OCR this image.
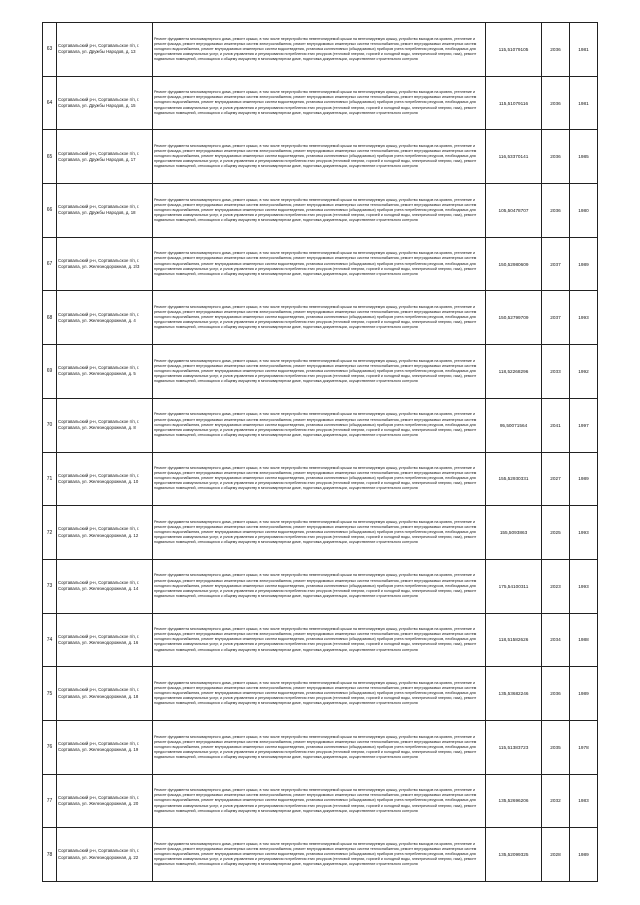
63	Сортавальский р-н, Сортавальское г/п, г. Сортавала, ул. Дружбы Народов, д. 13	Ремонт фундамента многоквартирного дома, ремонт крыши, в том числе переустройство невентилируемой крыши на вентилируемую крышу, устройство выходов на кровлю, утепление и ремонт фасада, ремонт внутридомовых инженерных систем электроснабжения, ремонт внутридомовых инженерных систем теплоснабжения, ремонт внутридомовых инженерных систем холодного водоснабжения, ремонт внутридомовых инженерных систем водоотведения, установка коллективных (общедомовых) приборов учета потребления ресурсов, необходимых для предоставления коммунальных услуг, и узлов управления и регулирования потребления этих ресурсов (тепловой энергии, горячей и холодной воды, электрической энергии, газа), ремонт подвальных помещений, относящихся к общему имуществу в многоквартирном доме, подготовка документации, осуществление строительного контроля	115,51079105	2036	1981
64	Сортавальский р-н, Сортавальское г/п, г. Сортавала, ул. Дружбы Народов, д. 15	Ремонт фундамента многоквартирного дома, ремонт крыши, в том числе переустройство невентилируемой крыши на вентилируемую крышу, устройство выходов на кровлю, утепление и ремонт фасада, ремонт внутридомовых инженерных систем электроснабжения, ремонт внутридомовых инженерных систем теплоснабжения, ремонт внутридомовых инженерных систем холодного водоснабжения, ремонт внутридомовых инженерных систем водоотведения, установка коллективных (общедомовых) приборов учета потребления ресурсов, необходимых для предоставления коммунальных услуг, и узлов управления и регулирования потребления этих ресурсов (тепловой энергии, горячей и холодной воды, электрической энергии, газа), ремонт подвальных помещений, относящихся к общему имуществу в многоквартирном доме, подготовка документации, осуществление строительного контроля	115,51079116	2036	1981
65	Сортавальский р-н, Сортавальское г/п, г. Сортавала, ул. Дружбы Народов, д. 17	Ремонт фундамента многоквартирного дома, ремонт крыши, в том числе переустройство невентилируемой крыши на вентилируемую крышу, устройство выходов на кровлю, утепление и ремонт фасада, ремонт внутридомовых инженерных систем электроснабжения, ремонт внутридомовых инженерных систем теплоснабжения, ремонт внутридомовых инженерных систем холодного водоснабжения, ремонт внутридомовых инженерных систем водоотведения, установка коллективных (общедомовых) приборов учета потребления ресурсов, необходимых для предоставления коммунальных услуг, и узлов управления и регулирования потребления этих ресурсов (тепловой энергии, горячей и холодной воды, электрической энергии, газа), ремонт подвальных помещений, относящихся к общему имуществу в многоквартирном доме, подготовка документации, осуществление строительного контроля	116,53370141	2036	1985
66	Сортавальский р-н, Сортавальское г/п, г. Сортавала, ул. Дружбы Народов, д. 18	Ремонт фундамента многоквартирного дома, ремонт крыши, в том числе переустройство невентилируемой крыши на вентилируемую крышу, устройство выходов на кровлю, утепление и ремонт фасада, ремонт внутридомовых инженерных систем электроснабжения, ремонт внутридомовых инженерных систем теплоснабжения, ремонт внутридомовых инженерных систем холодного водоснабжения, ремонт внутридомовых инженерных систем водоотведения, установка коллективных (общедомовых) приборов учета потребления ресурсов, необходимых для предоставления коммунальных услуг, и узлов управления и регулирования потребления этих ресурсов (тепловой энергии, горячей и холодной воды, электрической энергии, газа), ремонт подвальных помещений, относящихся к общему имуществу в многоквартирном доме, подготовка документации, осуществление строительного контроля	105,50478707	2036	1980
67	Сортавальский р-н, Сортавальское г/п, г. Сортавала, ул. Железнодорожная, д. 2/3	Ремонт фундамента многоквартирного дома, ремонт крыши, в том числе переустройство невентилируемой крыши на вентилируемую крышу, устройство выходов на кровлю, утепление и ремонт фасада, ремонт внутридомовых инженерных систем электроснабжения, ремонт внутридомовых инженерных систем теплоснабжения, ремонт внутридомовых инженерных систем холодного водоснабжения, ремонт внутридомовых инженерных систем водоотведения, установка коллективных (общедомовых) приборов учета потребления ресурсов, необходимых для предоставления коммунальных услуг, и узлов управления и регулирования потребления этих ресурсов (тепловой энергии, горячей и холодной воды, электрической энергии, газа), ремонт подвальных помещений, относящихся к общему имуществу в многоквартирном доме, подготовка документации, осуществление строительного контроля	150,52980609	2037	1989
68	Сортавальский р-н, Сортавальское г/п, г. Сортавала, ул. Железнодорожная, д. 4	Ремонт фундамента многоквартирного дома, ремонт крыши, в том числе переустройство невентилируемой крыши на вентилируемую крышу, устройство выходов на кровлю, утепление и ремонт фасада, ремонт внутридомовых инженерных систем электроснабжения, ремонт внутридомовых инженерных систем теплоснабжения, ремонт внутридомовых инженерных систем холодного водоснабжения, ремонт внутридомовых инженерных систем водоотведения, установка коллективных (общедомовых) приборов учета потребления ресурсов, необходимых для предоставления коммунальных услуг, и узлов управления и регулирования потребления этих ресурсов (тепловой энергии, горячей и холодной воды, электрической энергии, газа), ремонт подвальных помещений, относящихся к общему имуществу в многоквартирном доме, подготовка документации, осуществление строительного контроля	150,52799709	2037	1993
69	Сортавальский р-н, Сортавальское г/п, г. Сортавала, ул. Железнодорожная, д. 5	Ремонт фундамента многоквартирного дома, ремонт крыши, в том числе переустройство невентилируемой крыши на вентилируемую крышу, устройство выходов на кровлю, утепление и ремонт фасада, ремонт внутридомовых инженерных систем электроснабжения, ремонт внутридомовых инженерных систем теплоснабжения, ремонт внутридомовых инженерных систем холодного водоснабжения, ремонт внутридомовых инженерных систем водоотведения, установка коллективных (общедомовых) приборов учета потребления ресурсов, необходимых для предоставления коммунальных услуг, и узлов управления и регулирования потребления этих ресурсов (тепловой энергии, горячей и холодной воды, электрической энергии, газа), ремонт подвальных помещений, относящихся к общему имуществу в многоквартирном доме, подготовка документации, осуществление строительного контроля	118,52268296	2033	1992
70	Сортавальский р-н, Сортавальское г/п, г. Сортавала, ул. Железнодорожная, д. 8	Ремонт фундамента многоквартирного дома, ремонт крыши, в том числе переустройство невентилируемой крыши на вентилируемую крышу, устройство выходов на кровлю, утепление и ремонт фасада, ремонт внутридомовых инженерных систем электроснабжения, ремонт внутридомовых инженерных систем теплоснабжения, ремонт внутридомовых инженерных систем холодного водоснабжения, ремонт внутридомовых инженерных систем водоотведения, установка коллективных (общедомовых) приборов учета потребления ресурсов, необходимых для предоставления коммунальных услуг, и узлов управления и регулирования потребления этих ресурсов (тепловой энергии, горячей и холодной воды, электрической энергии, газа), ремонт подвальных помещений, относящихся к общему имуществу в многоквартирном доме, подготовка документации, осуществление строительного контроля	95,50071564	2041	1997
71	Сортавальский р-н, Сортавальское г/п, г. Сортавала, ул. Железнодорожная, д. 10	Ремонт фундамента многоквартирного дома, ремонт крыши, в том числе переустройство невентилируемой крыши на вентилируемую крышу, устройство выходов на кровлю, утепление и ремонт фасада, ремонт внутридомовых инженерных систем электроснабжения, ремонт внутридомовых инженерных систем теплоснабжения, ремонт внутридомовых инженерных систем холодного водоснабжения, ремонт внутридомовых инженерных систем водоотведения, установка коллективных (общедомовых) приборов учета потребления ресурсов, необходимых для предоставления коммунальных услуг, и узлов управления и регулирования потребления этих ресурсов (тепловой энергии, горячей и холодной воды, электрической энергии, газа), ремонт подвальных помещений, относящихся к общему имуществу в многоквартирном доме, подготовка документации, осуществление строительного контроля	155,52930331	2027	1989
72	Сортавальский р-н, Сортавальское г/п, г. Сортавала, ул. Железнодорожная, д. 12	Ремонт фундамента многоквартирного дома, ремонт крыши, в том числе переустройство невентилируемой крыши на вентилируемую крышу, устройство выходов на кровлю, утепление и ремонт фасада, ремонт внутридомовых инженерных систем электроснабжения, ремонт внутридомовых инженерных систем теплоснабжения, ремонт внутридомовых инженерных систем холодного водоснабжения, ремонт внутридомовых инженерных систем водоотведения, установка коллективных (общедомовых) приборов учета потребления ресурсов, необходимых для предоставления коммунальных услуг, и узлов управления и регулирования потребления этих ресурсов (тепловой энергии, горячей и холодной воды, электрической энергии, газа), ремонт подвальных помещений, относящихся к общему имуществу в многоквартирном доме, подготовка документации, осуществление строительного контроля	155,5093863	2025	1993
73	Сортавальский р-н, Сортавальское г/п, г. Сортавала, ул. Железнодорожная, д. 14	Ремонт фундамента многоквартирного дома, ремонт крыши, в том числе переустройство невентилируемой крыши на вентилируемую крышу, устройство выходов на кровлю, утепление и ремонт фасада, ремонт внутридомовых инженерных систем электроснабжения, ремонт внутридомовых инженерных систем теплоснабжения, ремонт внутридомовых инженерных систем холодного водоснабжения, ремонт внутридомовых инженерных систем водоотведения, установка коллективных (общедомовых) приборов учета потребления ресурсов, необходимых для предоставления коммунальных услуг, и узлов управления и регулирования потребления этих ресурсов (тепловой энергии, горячей и холодной воды, электрической энергии, газа), ремонт подвальных помещений, относящихся к общему имуществу в многоквартирном доме, подготовка документации, осуществление строительного контроля	175,54100311	2023	1993
74	Сортавальский р-н, Сортавальское г/п, г. Сортавала, ул. Железнодорожная, д. 16	Ремонт фундамента многоквартирного дома, ремонт крыши, в том числе переустройство невентилируемой крыши на вентилируемую крышу, устройство выходов на кровлю, утепление и ремонт фасада, ремонт внутридомовых инженерных систем электроснабжения, ремонт внутридомовых инженерных систем теплоснабжения, ремонт внутридомовых инженерных систем холодного водоснабжения, ремонт внутридомовых инженерных систем водоотведения, установка коллективных (общедомовых) приборов учета потребления ресурсов, необходимых для предоставления коммунальных услуг, и узлов управления и регулирования потребления этих ресурсов (тепловой энергии, горячей и холодной воды, электрической энергии, газа), ремонт подвальных помещений, относящихся к общему имуществу в многоквартирном доме, подготовка документации, осуществление строительного контроля	118,51582626	2034	1988
75	Сортавальский р-н, Сортавальское г/п, г. Сортавала, ул. Железнодорожная, д. 18	Ремонт фундамента многоквартирного дома, ремонт крыши, в том числе переустройство невентилируемой крыши на вентилируемую крышу, устройство выходов на кровлю, утепление и ремонт фасада, ремонт внутридомовых инженерных систем электроснабжения, ремонт внутридомовых инженерных систем теплоснабжения, ремонт внутридомовых инженерных систем холодного водоснабжения, ремонт внутридомовых инженерных систем водоотведения, установка коллективных (общедомовых) приборов учета потребления ресурсов, необходимых для предоставления коммунальных услуг, и узлов управления и регулирования потребления этих ресурсов (тепловой энергии, горячей и холодной воды, электрической энергии, газа), ремонт подвальных помещений, относящихся к общему имуществу в многоквартирном доме, подготовка документации, осуществление строительного контроля	135,53682246	2036	1989
76	Сортавальский р-н, Сортавальское г/п, г. Сортавала, ул. Железнодорожная, д. 19	Ремонт фундамента многоквартирного дома, ремонт крыши, в том числе переустройство невентилируемой крыши на вентилируемую крышу, устройство выходов на кровлю, утепление и ремонт фасада, ремонт внутридомовых инженерных систем электроснабжения, ремонт внутридомовых инженерных систем теплоснабжения, ремонт внутридомовых инженерных систем холодного водоснабжения, ремонт внутридомовых инженерных систем водоотведения, установка коллективных (общедомовых) приборов учета потребления ресурсов, необходимых для предоставления коммунальных услуг, и узлов управления и регулирования потребления этих ресурсов (тепловой энергии, горячей и холодной воды, электрической энергии, газа), ремонт подвальных помещений, относящихся к общему имуществу в многоквартирном доме, подготовка документации, осуществление строительного контроля	115,51383723	2035	1978
77	Сортавальский р-н, Сортавальское г/п, г. Сортавала, ул. Железнодорожная, д. 20	Ремонт фундамента многоквартирного дома, ремонт крыши, в том числе переустройство невентилируемой крыши на вентилируемую крышу, устройство выходов на кровлю, утепление и ремонт фасада, ремонт внутридомовых инженерных систем электроснабжения, ремонт внутридомовых инженерных систем теплоснабжения, ремонт внутридомовых инженерных систем холодного водоснабжения, ремонт внутридомовых инженерных систем водоотведения, установка коллективных (общедомовых) приборов учета потребления ресурсов, необходимых для предоставления коммунальных услуг, и узлов управления и регулирования потребления этих ресурсов (тепловой энергии, горячей и холодной воды, электрической энергии, газа), ремонт подвальных помещений, относящихся к общему имуществу в многоквартирном доме, подготовка документации, осуществление строительного контроля	135,52696206	2032	1983
78	Сортавальский р-н, Сортавальское г/п, г. Сортавала, ул. Железнодорожная, д. 22	Ремонт фундамента многоквартирного дома, ремонт крыши, в том числе переустройство невентилируемой крыши на вентилируемую крышу, устройство выходов на кровлю, утепление и ремонт фасада, ремонт внутридомовых инженерных систем электроснабжения, ремонт внутридомовых инженерных систем теплоснабжения, ремонт внутридомовых инженерных систем холодного водоснабжения, ремонт внутридомовых инженерных систем водоотведения, установка коллективных (общедомовых) приборов учета потребления ресурсов, необходимых для предоставления коммунальных услуг, и узлов управления и регулирования потребления этих ресурсов (тепловой энергии, горячей и холодной воды, электрической энергии, газа), ремонт подвальных помещений, относящихся к общему имуществу в многоквартирном доме, подготовка документации, осуществление строительного контроля	135,52099325	2028	1989
